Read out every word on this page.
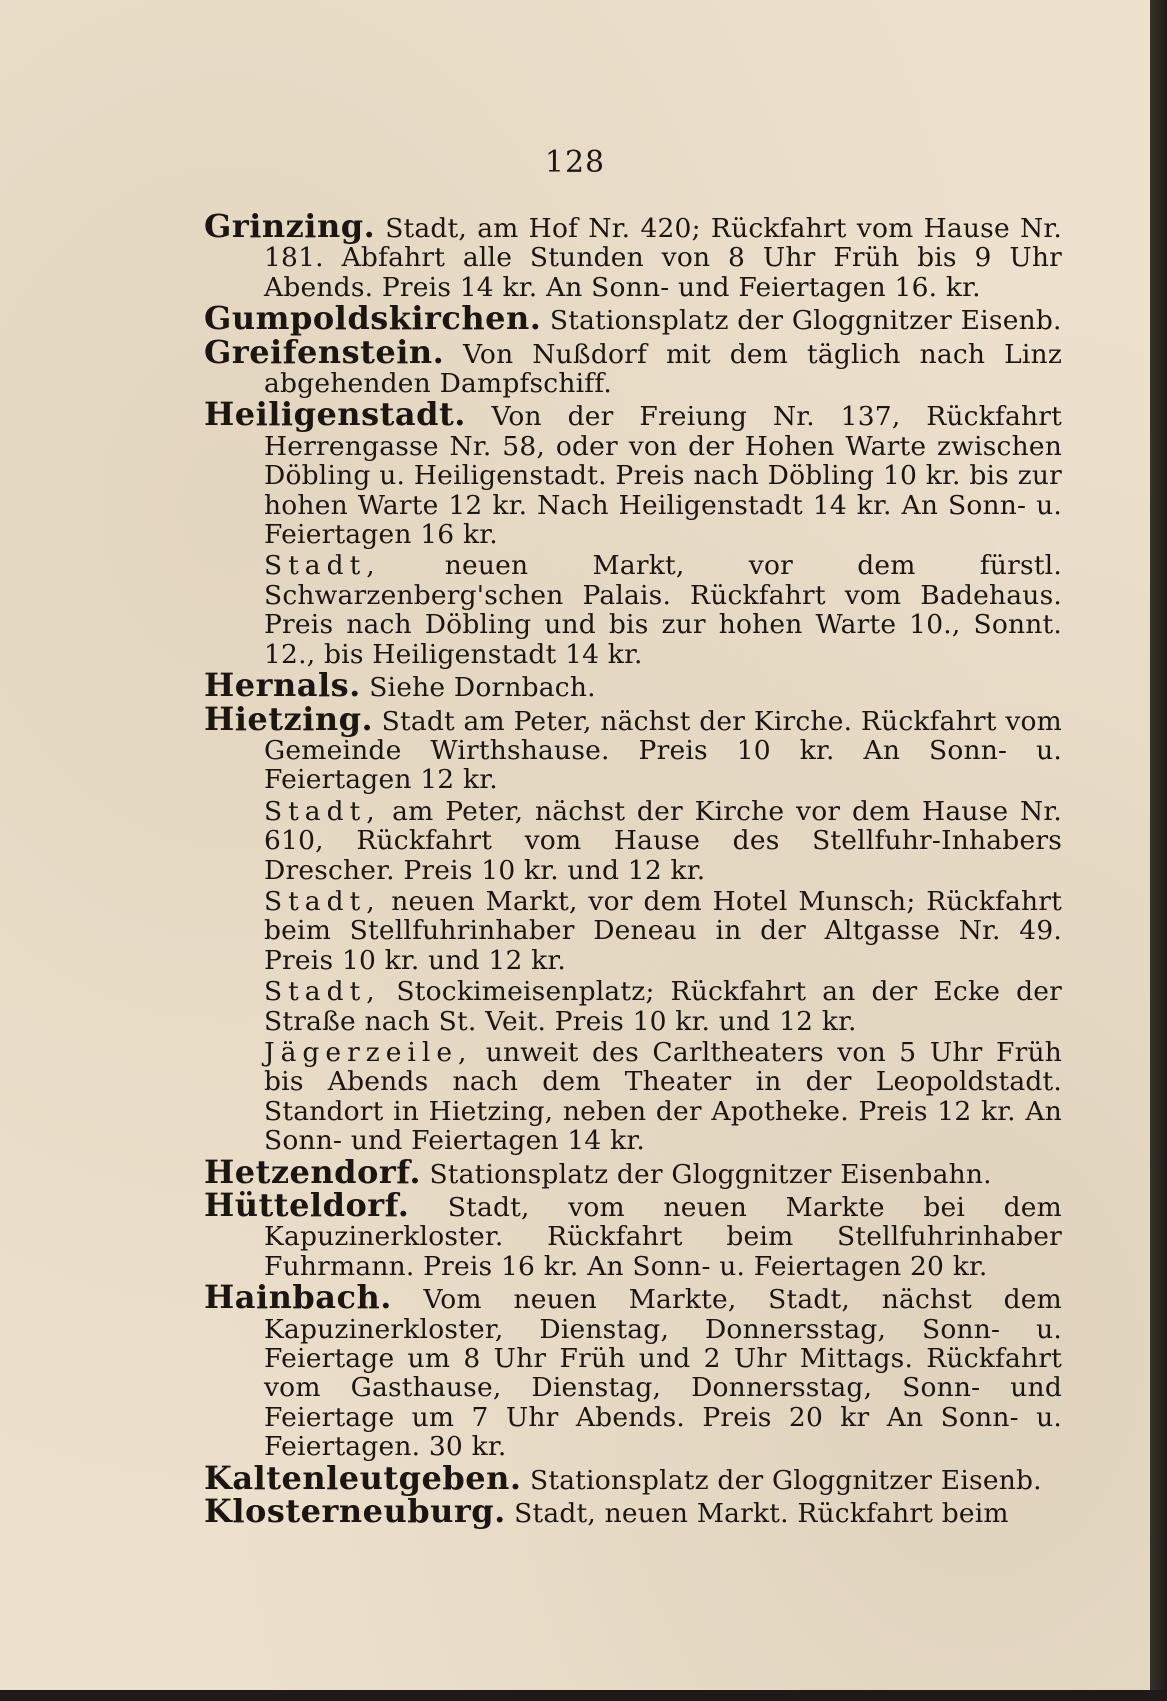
128

Grinzing. Stadt, am Hof Nr. 420; Rückfahrt vom Hause Nr. 181. Abfahrt alle Stunden von 8 Uhr Früh bis 9 Uhr Abends. Preis 14 kr. An Sonn- und Feiertagen 16. kr.

Gumpoldskirchen. Stationsplatz der Gloggnitzer Eisenb.

Greifenstein. Von Nußdorf mit dem täglich nach Linz abgehenden Dampfschiff.

Heiligenstadt. Von der Freiung Nr. 137, Rückfahrt Herrengasse Nr. 58, oder von der Hohen Warte zwischen Döbling u. Heiligenstadt. Preis nach Döbling 10 kr. bis zur hohen Warte 12 kr. Nach Heiligenstadt 14 kr. An Sonn- u. Feiertagen 16 kr.

Stadt, neuen Markt, vor dem fürstl. Schwarzenberg'schen Palais. Rückfahrt vom Badehaus. Preis nach Döbling und bis zur hohen Warte 10., Sonnt. 12., bis Heiligenstadt 14 kr.

Hernals. Siehe Dornbach.

Hietzing. Stadt am Peter, nächst der Kirche. Rückfahrt vom Gemeinde Wirthshause. Preis 10 kr. An Sonn- u. Feiertagen 12 kr.

Stadt, am Peter, nächst der Kirche vor dem Hause Nr. 610, Rückfahrt vom Hause des Stellfuhr-Inhabers Drescher. Preis 10 kr. und 12 kr.

Stadt, neuen Markt, vor dem Hotel Munsch; Rückfahrt beim Stellfuhrinhaber Deneau in der Altgasse Nr. 49. Preis 10 kr. und 12 kr.

Stadt, Stockimeisenplatz; Rückfahrt an der Ecke der Straße nach St. Veit. Preis 10 kr. und 12 kr.

Jägerzeile, unweit des Carltheaters von 5 Uhr Früh bis Abends nach dem Theater in der Leopoldstadt. Standort in Hietzing, neben der Apotheke. Preis 12 kr. An Sonn- und Feiertagen 14 kr.

Hetzendorf. Stationsplatz der Gloggnitzer Eisenbahn.

Hütteldorf. Stadt, vom neuen Markte bei dem Kapuzinerkloster. Rückfahrt beim Stellfuhrinhaber Fuhrmann. Preis 16 kr. An Sonn- u. Feiertagen 20 kr.

Hainbach. Vom neuen Markte, Stadt, nächst dem Kapuzinerkloster, Dienstag, Donnersstag, Sonn- u. Feiertage um 8 Uhr Früh und 2 Uhr Mittags. Rückfahrt vom Gasthause, Dienstag, Donnersstag, Sonn- und Feiertage um 7 Uhr Abends. Preis 20 kr An Sonn- u. Feiertagen. 30 kr.

Kaltenleutgeben. Stationsplatz der Gloggnitzer Eisenb.

Klosterneuburg. Stadt, neuen Markt. Rückfahrt beim
